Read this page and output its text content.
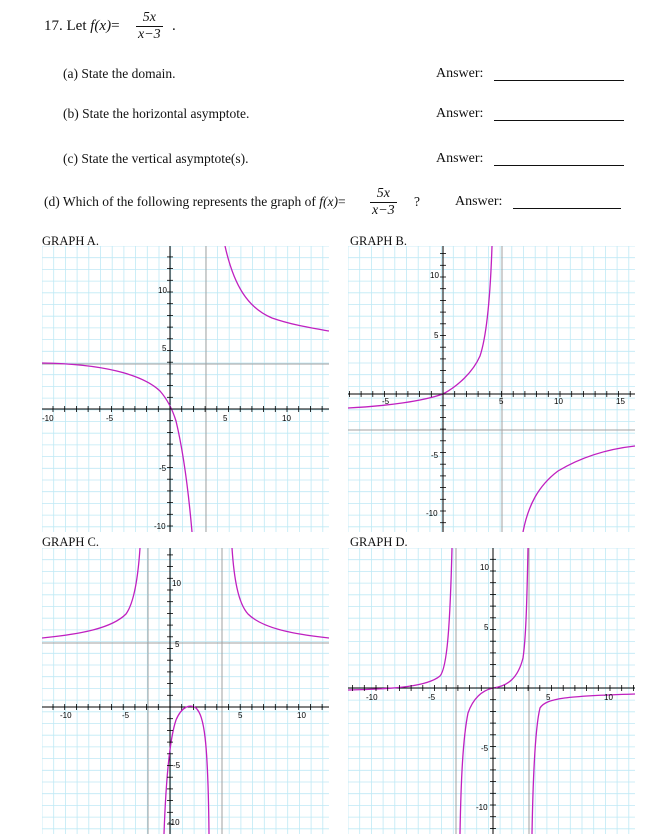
17. Let $f(x)= \frac{5x}{x-3}$ .
(a) State the domain.	Answer:
(b) State the horizontal asymptote.	Answer:
(c) State the vertical asymptote(s).	Answer:
(d) Which of the following represents the graph of $f(x)= \frac{5x}{x-3}$ ?	Answer:
GRAPH A.	GRAPH B.
GRAPH C.	GRAPH D.
-10	-5	5	10
10
5
-5
-10
-5	5	10	15
10
5
-5
-10
-10	-5	5	10
10
5
-5
-10
-10	-5	5	10
10
5
-5
-10
